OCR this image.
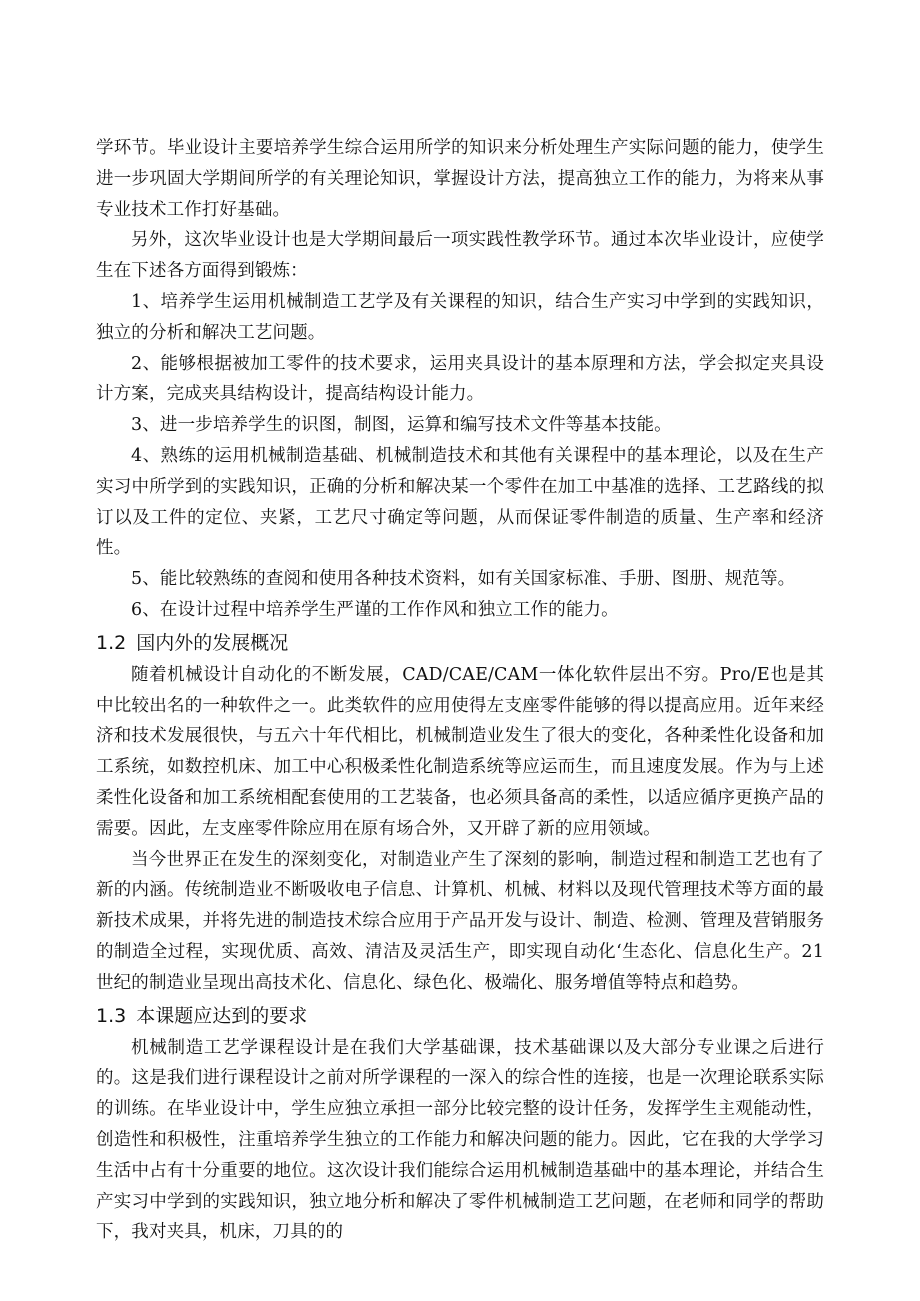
学环节。毕业设计主要培养学生综合运用所学的知识来分析处理生产实际问题的能力，使学生进一步巩固大学期间所学的有关理论知识，掌握设计方法，提高独立工作的能力，为将来从事专业技术工作打好基础。

另外，这次毕业设计也是大学期间最后一项实践性教学环节。通过本次毕业设计，应使学生在下述各方面得到锻炼：

1、培养学生运用机械制造工艺学及有关课程的知识，结合生产实习中学到的实践知识，独立的分析和解决工艺问题。

2、能够根据被加工零件的技术要求，运用夹具设计的基本原理和方法，学会拟定夹具设计方案，完成夹具结构设计，提高结构设计能力。

3、进一步培养学生的识图，制图，运算和编写技术文件等基本技能。

4、熟练的运用机械制造基础、机械制造技术和其他有关课程中的基本理论，以及在生产实习中所学到的实践知识，正确的分析和解决某一个零件在加工中基准的选择、工艺路线的拟订以及工件的定位、夹紧，工艺尺寸确定等问题，从而保证零件制造的质量、生产率和经济性。

5、能比较熟练的查阅和使用各种技术资料，如有关国家标准、手册、图册、规范等。

6、在设计过程中培养学生严谨的工作作风和独立工作的能力。

1.2 国内外的发展概况

随着机械设计自动化的不断发展，CAD/CAE/CAM一体化软件层出不穷。Pro/E也是其中比较出名的一种软件之一。此类软件的应用使得左支座零件能够的得以提高应用。近年来经济和技术发展很快，与五六十年代相比，机械制造业发生了很大的变化，各种柔性化设备和加工系统，如数控机床、加工中心积极柔性化制造系统等应运而生，而且速度发展。作为与上述柔性化设备和加工系统相配套使用的工艺装备，也必须具备高的柔性，以适应循序更换产品的需要。因此，左支座零件除应用在原有场合外，又开辟了新的应用领域。

当今世界正在发生的深刻变化，对制造业产生了深刻的影响，制造过程和制造工艺也有了新的内涵。传统制造业不断吸收电子信息、计算机、机械、材料以及现代管理技术等方面的最新技术成果，并将先进的制造技术综合应用于产品开发与设计、制造、检测、管理及营销服务的制造全过程，实现优质、高效、清洁及灵活生产，即实现自动化‘生态化、信息化生产。21世纪的制造业呈现出高技术化、信息化、绿色化、极端化、服务增值等特点和趋势。

1.3 本课题应达到的要求

机械制造工艺学课程设计是在我们大学基础课，技术基础课以及大部分专业课之后进行的。这是我们进行课程设计之前对所学课程的一深入的综合性的连接，也是一次理论联系实际的训练。在毕业设计中，学生应独立承担一部分比较完整的设计任务，发挥学生主观能动性，创造性和积极性，注重培养学生独立的工作能力和解决问题的能力。因此，它在我的大学学习生活中占有十分重要的地位。这次设计我们能综合运用机械制造基础中的基本理论，并结合生产实习中学到的实践知识，独立地分析和解决了零件机械制造工艺问题，在老师和同学的帮助下，我对夹具，机床，刀具的的
